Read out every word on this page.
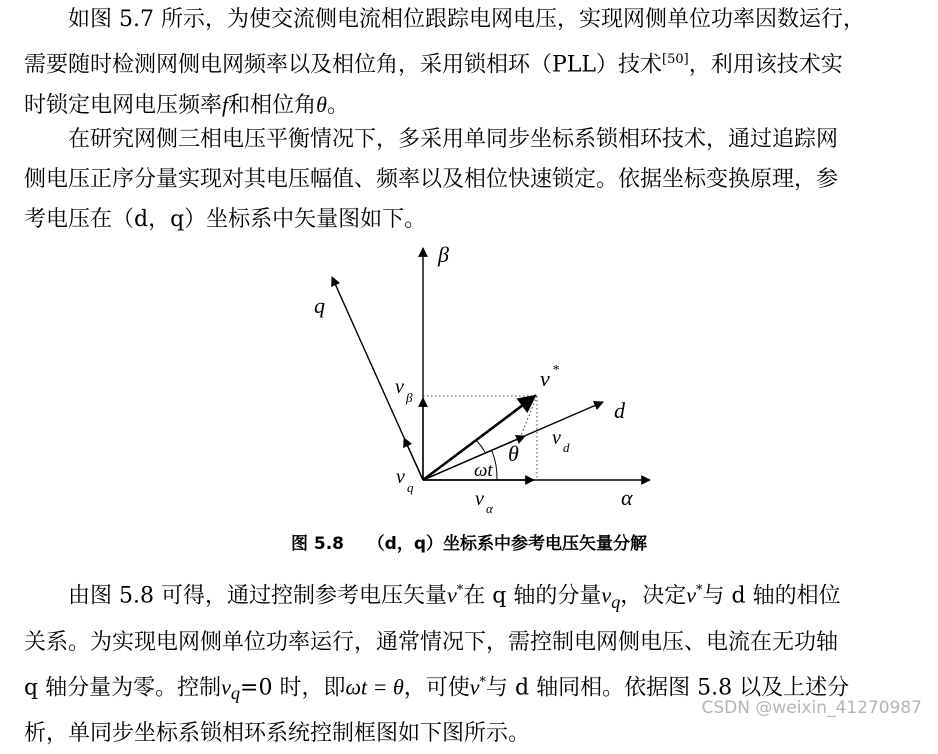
如图 5.7 所示，为使交流侧电流相位跟踪电网电压，实现网侧单位功率因数运行，
需要随时检测网侧电网频率以及相位角，采用锁相环（PLL）技术[50]，利用该技术实
时锁定电网电压频率f和相位角θ。
在研究网侧三相电压平衡情况下，多采用单同步坐标系锁相环技术，通过追踪网
侧电压正序分量实现对其电压幅值、频率以及相位快速锁定。依据坐标变换原理，参
考电压在（d，q）坐标系中矢量图如下。
β
q
v *
d
v β
v d
θ
ωt
v q
v α	α
图 5.8    （d，q）坐标系中参考电压矢量分解
由图 5.8 可得，通过控制参考电压矢量v*在 q 轴的分量$v_q$，决定v*与 d 轴的相位
关系。为实现电网侧单位功率运行，通常情况下，需控制电网侧电压、电流在无功轴
q 轴分量为零。控制$v_q=0$ 时，即ωt = θ，可使v*与 d 轴同相。依据图 5.8 以及上述分
析，单同步坐标系锁相环系统控制框图如下图所示。
CSDN @weixin_41270987
